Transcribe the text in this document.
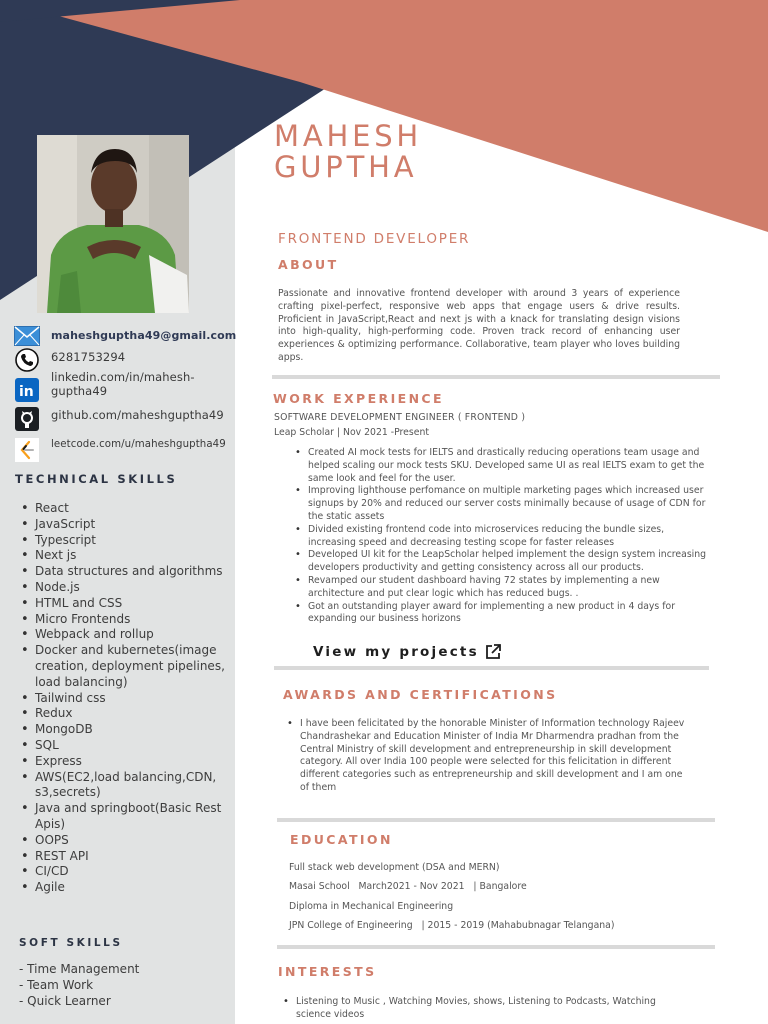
maheshguptha49@gmail.com
6281753294
in
linkedin.com/in/mahesh-
guptha49
github.com/maheshguptha49
leetcode.com/u/maheshguptha49
TECHNICAL SKILLS
• React
• JavaScript
• Typescript
• Next js
• Data structures and algorithms
• Node.js
• HTML and CSS
• Micro Frontends
• Webpack and rollup
• Docker and kubernetes(image creation, deployment pipelines, load balancing)
• Tailwind css
• Redux
• MongoDB
• SQL
• Express
• AWS(EC2,load balancing,CDN, s3,secrets)
• Java and springboot(Basic Rest Apis)
• OOPS
• REST API
• CI/CD
• Agile
SOFT SKILLS
- Time Management
- Team Work
- Quick Learner
MAHESH
GUPTHA
FRONTEND DEVELOPER
ABOUT

Passionate and innovative frontend developer with around 3 years of experience crafting pixel-perfect, responsive web apps that engage users & drive results. Proficient in JavaScript,React and next js with a knack for translating design visions into high-quality, high-performing code. Proven track record of enhancing user experiences & optimizing performance. Collaborative, team player who loves building apps.

WORK EXPERIENCE
SOFTWARE DEVELOPMENT ENGINEER ( FRONTEND )
Leap Scholar | Nov 2021 -Present
• Created AI mock tests for IELTS and drastically reducing operations team usage and helped scaling our mock tests SKU. Developed same UI as real IELTS exam to get the same look and feel for the user.
• Improving lighthouse perfomance on multiple marketing pages which increased user signups by 20% and reduced our server costs minimally because of usage of CDN for the static assets
• Divided existing frontend code into microservices reducing the bundle sizes, increasing speed and decreasing testing scope for faster releases
• Developed UI kit for the LeapScholar helped implement the design system increasing developers productivity and getting consistency across all our products.
• Revamped our student dashboard having 72 states by implementing a new architecture and put clear logic which has reduced bugs. .
• Got an outstanding player award for implementing a new product in 4 days for expanding our business horizons
View my projects
AWARDS AND CERTIFICATIONS
• I have been felicitated by the honorable Minister of Information technology Rajeev Chandrashekar and Education Minister of India Mr Dharmendra pradhan from the Central Ministry of skill development and entrepreneurship in skill development category. All over India 100 people were selected for this felicitation in different different categories such as entrepreneurship and skill development and I am one of them
EDUCATION
Full stack web development (DSA and MERN)
Masai School   March2021 - Nov 2021   | Bangalore
Diploma in Mechanical Engineering
JPN College of Engineering   | 2015 - 2019 (Mahabubnagar Telangana)
INTERESTS
• Listening to Music , Watching Movies, shows, Listening to Podcasts, Watching science videos
